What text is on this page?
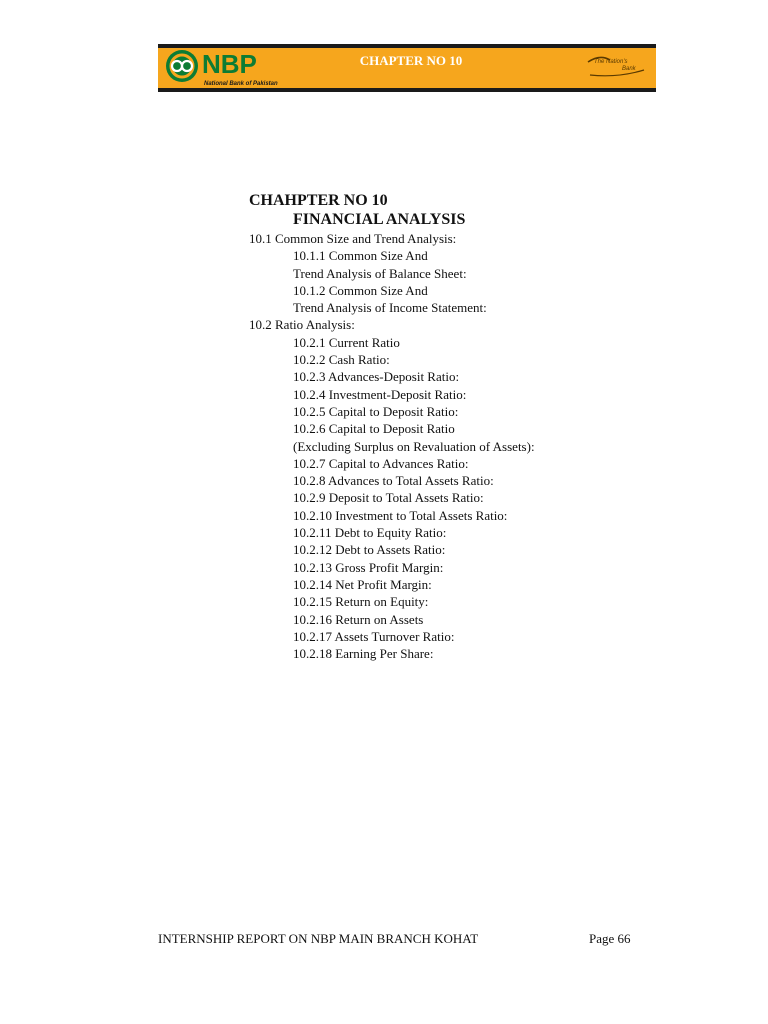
NBP
National Bank of Pakistan
CHAPTER NO 10	The Nation's
Bank
CHAHPTER NO 10
FINANCIAL ANALYSIS
10.1 Common Size and Trend Analysis:
10.1.1 Common Size And
Trend Analysis of Balance Sheet:
10.1.2 Common Size And
Trend Analysis of Income Statement:
10.2 Ratio Analysis:
10.2.1 Current Ratio
10.2.2 Cash Ratio:
10.2.3 Advances-Deposit Ratio:
10.2.4 Investment-Deposit Ratio:
10.2.5 Capital to Deposit Ratio:
10.2.6 Capital to Deposit Ratio
(Excluding Surplus on Revaluation of Assets):
10.2.7 Capital to Advances Ratio:
10.2.8 Advances to Total Assets Ratio:
10.2.9 Deposit to Total Assets Ratio:
10.2.10 Investment to Total Assets Ratio:
10.2.11 Debt to Equity Ratio:
10.2.12 Debt to Assets Ratio:
10.2.13 Gross Profit Margin:
10.2.14 Net Profit Margin:
10.2.15 Return on Equity:
10.2.16 Return on Assets
10.2.17 Assets Turnover Ratio:
10.2.18 Earning Per Share:
INTERNSHIP REPORT ON NBP MAIN BRANCH KOHAT	Page 66
